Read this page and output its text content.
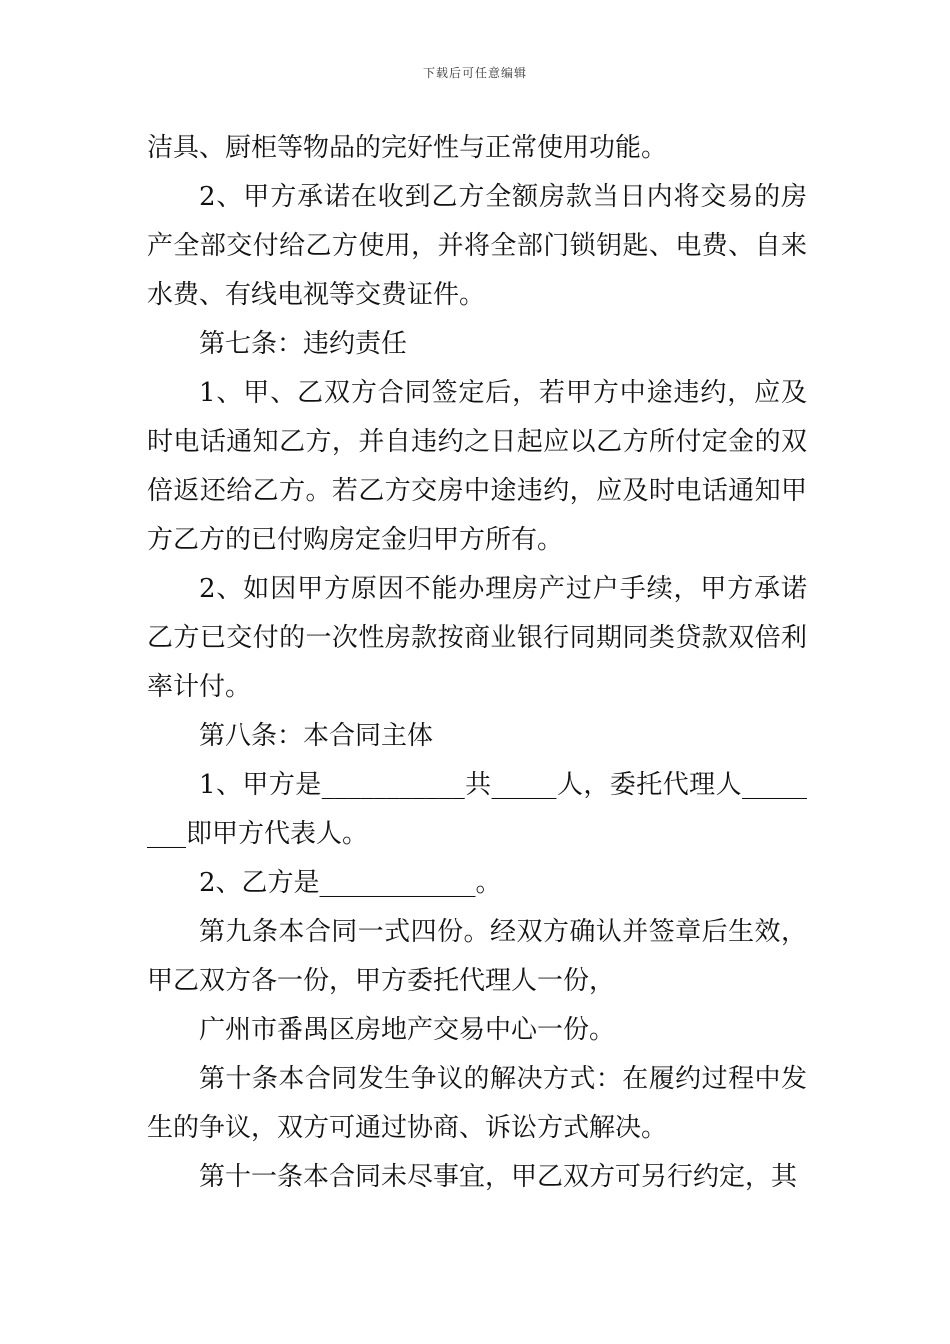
下载后可任意编辑

洁具、厨柜等物品的完好性与正常使用功能。

2、甲方承诺在收到乙方全额房款当日内将交易的房产全部交付给乙方使用，并将全部门锁钥匙、电费、自来水费、有线电视等交费证件。

第七条：违约责任

1、甲、乙双方合同签定后，若甲方中途违约，应及时电话通知乙方，并自违约之日起应以乙方所付定金的双倍返还给乙方。若乙方交房中途违约，应及时电话通知甲方乙方的已付购房定金归甲方所有。

2、如因甲方原因不能办理房产过户手续，甲方承诺乙方已交付的一次性房款按商业银行同期同类贷款双倍利率计付。

第八条：本合同主体

1、甲方是___________共_____人，委托代理人________即甲方代表人。

2、乙方是____________。

第九条本合同一式四份。经双方确认并签章后生效，甲乙双方各一份，甲方委托代理人一份，

广州市番禺区房地产交易中心一份。

第十条本合同发生争议的解决方式：在履约过程中发生的争议，双方可通过协商、诉讼方式解决。

第十一条本合同未尽事宜，甲乙双方可另行约定，其
